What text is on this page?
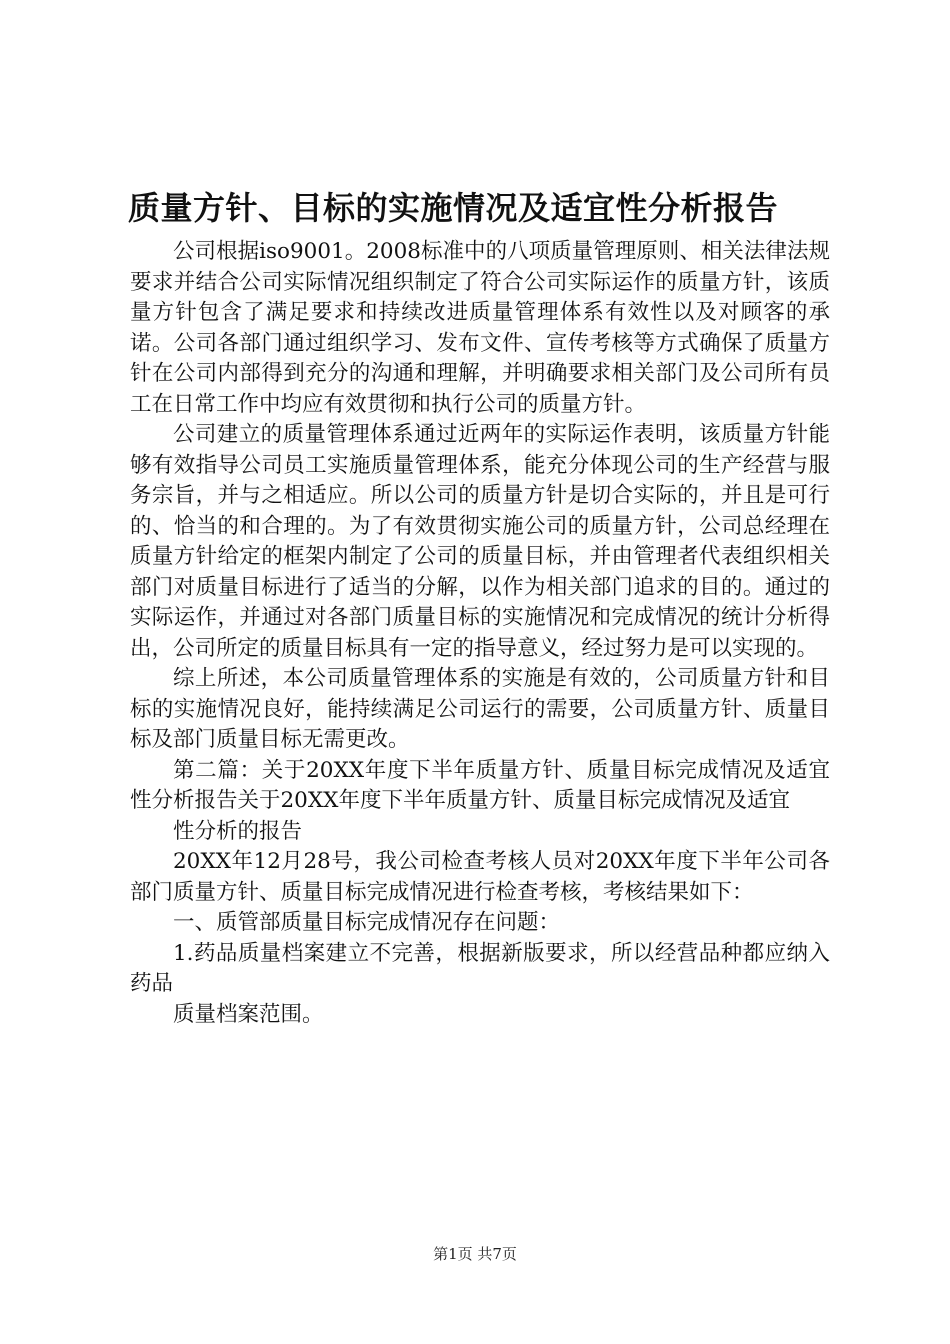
质量方针、目标的实施情况及适宜性分析报告

公司根据iso9001。2008标准中的八项质量管理原则、相关法律法规要求并结合公司实际情况组织制定了符合公司实际运作的质量方针，该质量方针包含了满足要求和持续改进质量管理体系有效性以及对顾客的承诺。公司各部门通过组织学习、发布文件、宣传考核等方式确保了质量方针在公司内部得到充分的沟通和理解，并明确要求相关部门及公司所有员工在日常工作中均应有效贯彻和执行公司的质量方针。

公司建立的质量管理体系通过近两年的实际运作表明，该质量方针能够有效指导公司员工实施质量管理体系，能充分体现公司的生产经营与服务宗旨，并与之相适应。所以公司的质量方针是切合实际的，并且是可行的、恰当的和合理的。为了有效贯彻实施公司的质量方针，公司总经理在质量方针给定的框架内制定了公司的质量目标，并由管理者代表组织相关部门对质量目标进行了适当的分解，以作为相关部门追求的目的。通过的实际运作，并通过对各部门质量目标的实施情况和完成情况的统计分析得出，公司所定的质量目标具有一定的指导意义，经过努力是可以实现的。

综上所述，本公司质量管理体系的实施是有效的，公司质量方针和目标的实施情况良好，能持续满足公司运行的需要，公司质量方针、质量目标及部门质量目标无需更改。

第二篇：关于20XX年度下半年质量方针、质量目标完成情况及适宜性分析报告关于20XX年度下半年质量方针、质量目标完成情况及适宜

性分析的报告

20XX年12月28号，我公司检查考核人员对20XX年度下半年公司各部门质量方针、质量目标完成情况进行检查考核，考核结果如下：

一、质管部质量目标完成情况存在问题：

1.药品质量档案建立不完善，根据新版要求，所以经营品种都应纳入药品

质量档案范围。

第1页 共7页
